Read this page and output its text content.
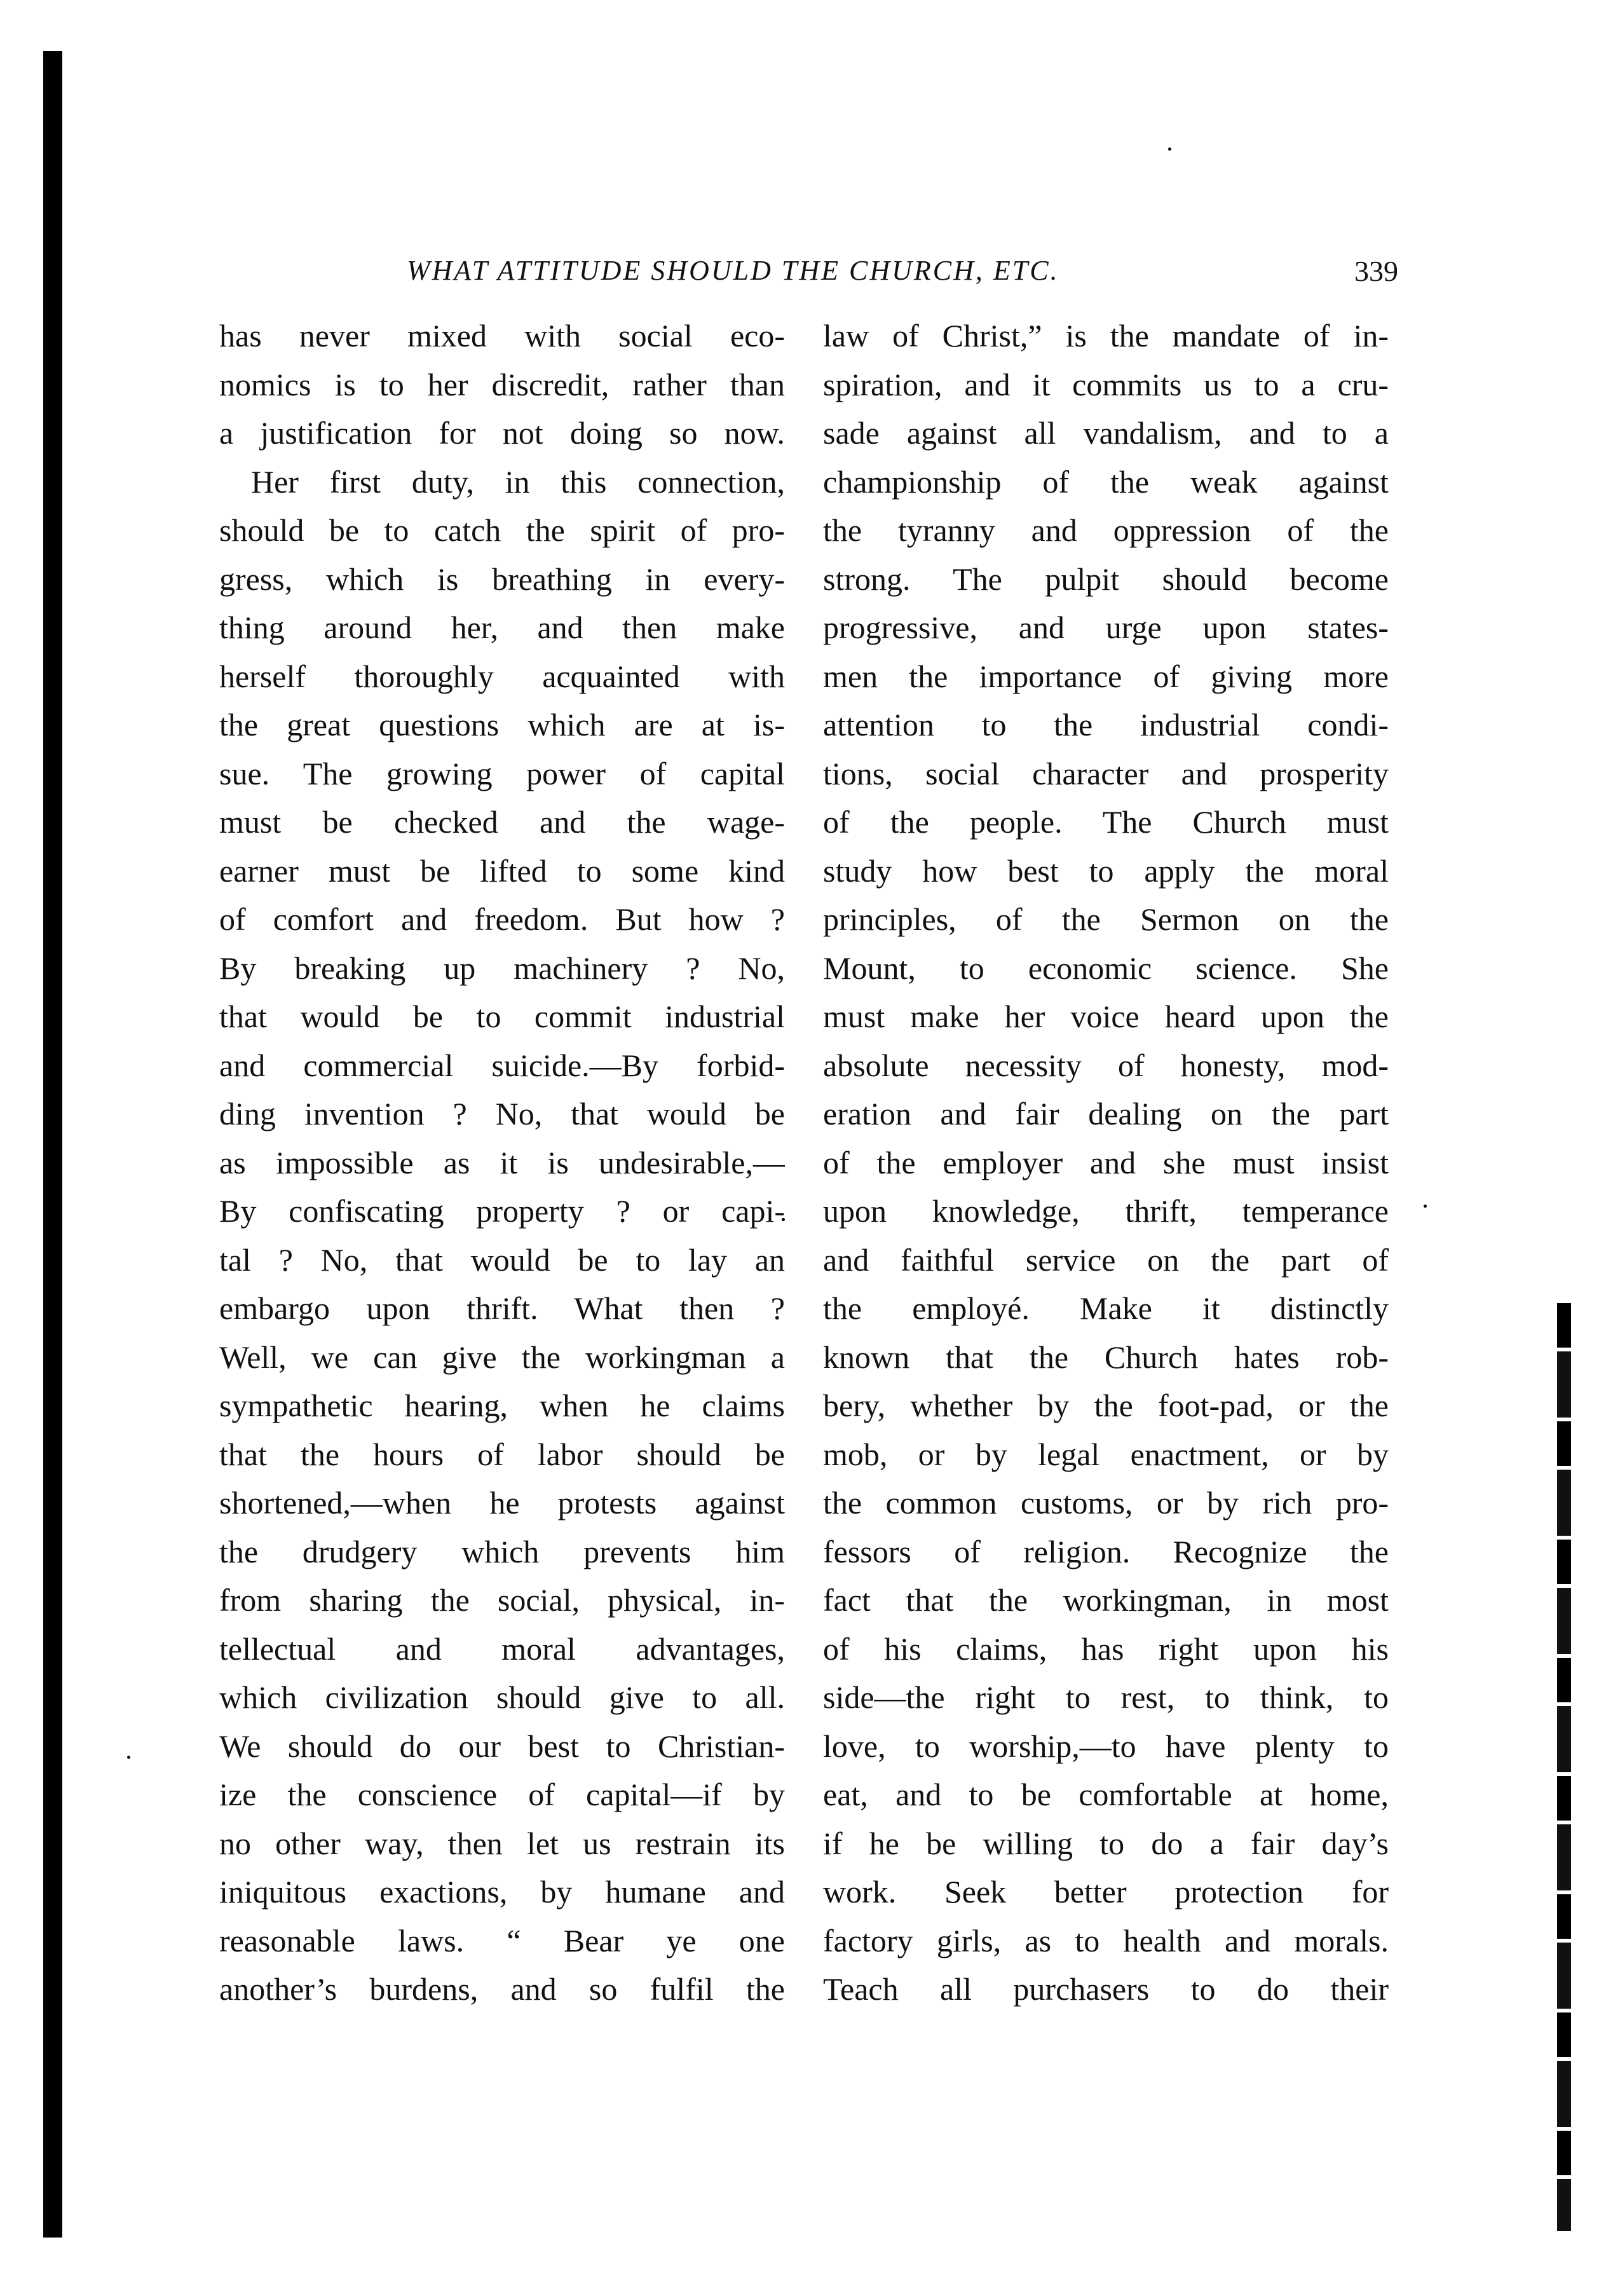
WHAT ATTITUDE SHOULD THE CHURCH, ETC.	339
has never mixed with social eco-
nomics is to her discredit, rather than
a justification for not doing so now.
Her first duty, in this connection,
should be to catch the spirit of pro-
gress, which is breathing in every-
thing around her, and then make
herself thoroughly acquainted with
the great questions which are at is-
sue. The growing power of capital
must be checked and the wage-
earner must be lifted to some kind
of comfort and freedom. But how ?
By breaking up machinery ? No,
that would be to commit industrial
and commercial suicide.—By forbid-
ding invention ? No, that would be
as impossible as it is undesirable,—
By confiscating property ? or capi-
tal ? No, that would be to lay an
embargo upon thrift. What then ?
Well, we can give the workingman a
sympathetic hearing, when he claims
that the hours of labor should be
shortened,—when he protests against
the drudgery which prevents him
from sharing the social, physical, in-
tellectual and moral advantages,
which civilization should give to all.
We should do our best to Christian-
ize the conscience of capital—if by
no other way, then let us restrain its
iniquitous exactions, by humane and
reasonable laws. “ Bear ye one
another’s burdens, and so fulfil the
law of Christ,” is the mandate of in-
spiration, and it commits us to a cru-
sade against all vandalism, and to a
championship of the weak against
the tyranny and oppression of the
strong. The pulpit should become
progressive, and urge upon states-
men the importance of giving more
attention to the industrial condi-
tions, social character and prosperity
of the people. The Church must
study how best to apply the moral
principles, of the Sermon on the
Mount, to economic science. She
must make her voice heard upon the
absolute necessity of honesty, mod-
eration and fair dealing on the part
of the employer and she must insist
upon knowledge, thrift, temperance
and faithful service on the part of
the employé. Make it distinctly
known that the Church hates rob-
bery, whether by the foot-pad, or the
mob, or by legal enactment, or by
the common customs, or by rich pro-
fessors of religion. Recognize the
fact that the workingman, in most
of his claims, has right upon his
side—the right to rest, to think, to
love, to worship,—to have plenty to
eat, and to be comfortable at home,
if he be willing to do a fair day’s
work. Seek better protection for
factory girls, as to health and morals.
Teach all purchasers to do their
